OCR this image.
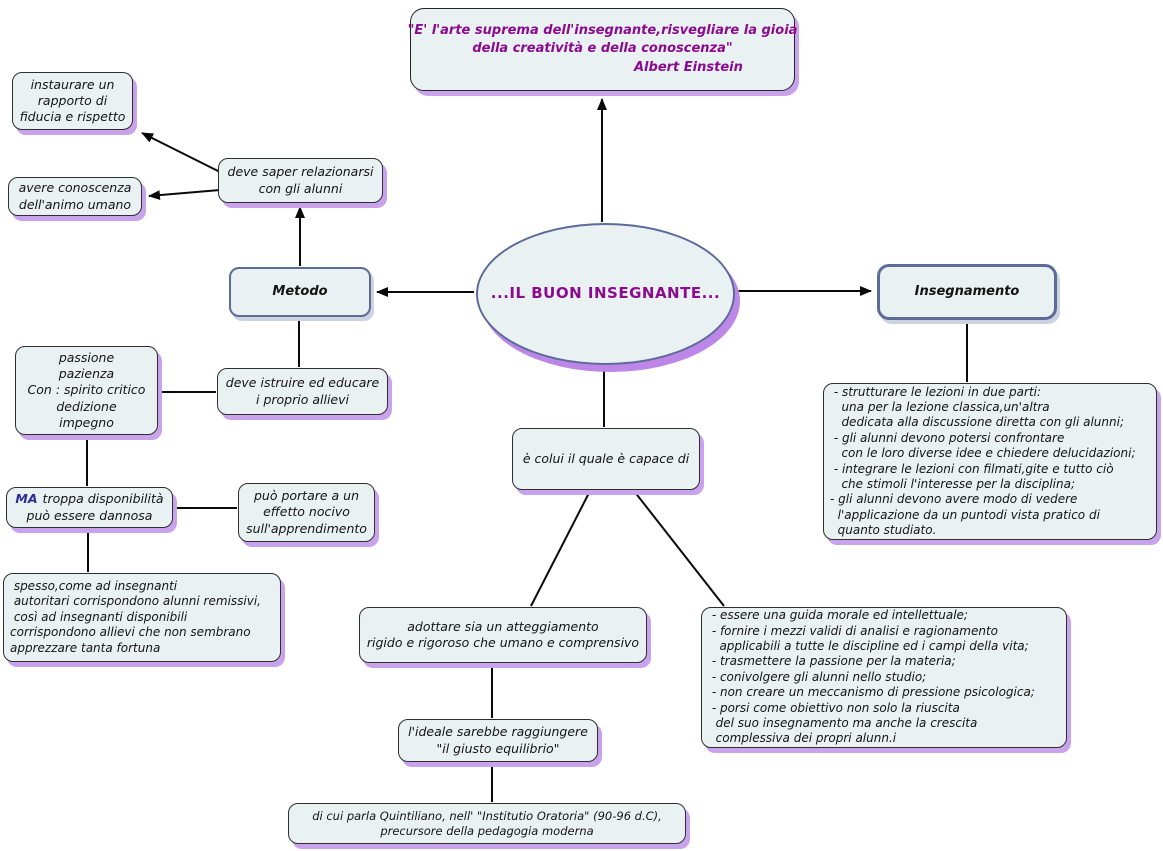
"E' l'arte suprema dell'insegnante,risvegliare la gioia
della creatività e della conoscenza"
Albert Einstein
instaurare un
rapporto di
fiducia e rispetto
avere conoscenza
dell'animo umano
deve saper relazionarsi
con gli alunni
Metodo	...IL BUON INSEGNANTE...	Insegnamento
- strutturare le lezioni in due parti:
una per la lezione classica,un'altra
dedicata alla discussione diretta con gli alunni;
- gli alunni devono potersi confrontare
con le loro diverse idee e chiedere delucidazioni;
- integrare le lezioni con filmati,gite e tutto ciò
che stimoli l'interesse per la disciplina;
- gli alunni devono avere modo di vedere
l'applicazione da un puntodi vista pratico di
quanto studiato.
passione
pazienza
Con : spirito critico
dedizione
impegno
deve istruire ed educare
i proprio allievi
MA troppa disponibilità
può essere dannosa
può portare a un
effetto nocivo
sull'apprendimento
spesso,come ad insegnanti
autoritari corrispondono alunni remissivi,
così ad insegnanti disponibili
corrispondono allievi che non sembrano
apprezzare tanta fortuna
è colui il quale è capace di
adottare sia un atteggiamento
rigido e rigoroso che umano e comprensivo
- essere una guida morale ed intellettuale;
- fornire i mezzi validi di analisi e ragionamento
applicabili a tutte le discipline ed i campi della vita;
- trasmettere la passione per la materia;
- conivolgere gli alunni nello studio;
- non creare un meccanismo di pressione psicologica;
- porsi come obiettivo non solo la riuscita
del suo insegnamento ma anche la crescita
complessiva dei propri alunn.i
l'ideale sarebbe raggiungere
"il giusto equilibrio"
di cui parla Quintiliano, nell' "Institutio Oratoria" (90-96 d.C),
precursore della pedagogia moderna
